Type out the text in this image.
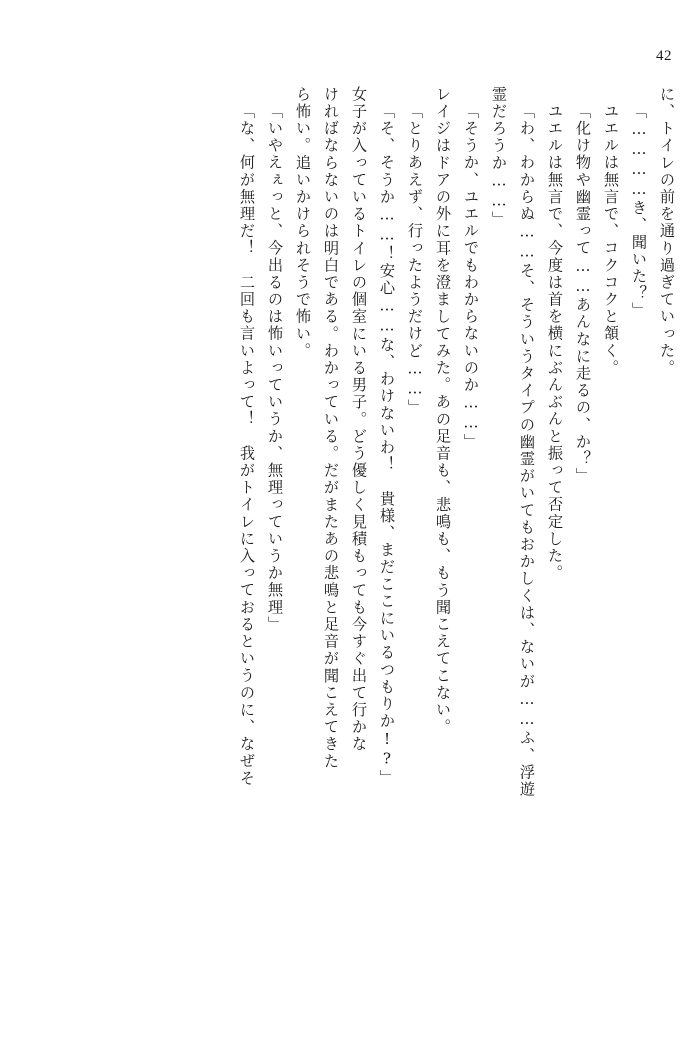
42
に、トイレの前を通り過ぎていった。
「…………き、聞いた？」
ユエルは無言で、コクコクと頷く。
「化け物や幽霊って……あんなに走るの、か？」
ユエルは無言で、今度は首を横にぶんぶんと振って否定した。
「わ、わからぬ……そ、そういうタイプの幽霊がいてもおかしくは、ないが……ふ、浮遊
霊だろうか……」
「そうか、ユエルでもわからないのか……」
レイジはドアの外に耳を澄ましてみた。あの足音も、悲鳴も、もう聞こえてこない。
「とりあえず、行ったようだけど……」
「そ、そうか……！安心……な、わけないわ！　貴様、まだここにいるつもりか!?」
女子が入っているトイレの個室にいる男子。どう優しく見積もっても今すぐ出て行かな
ければならないのは明白である。わかっている。だがまたあの悲鳴と足音が聞こえてきた
ら怖い。追いかけられそうで怖い。
「いやえぇっと、今出るのは怖いっていうか、無理っていうか無理」
「な、何が無理だ！　二回も言いよって！　我がトイレに入っておるというのに、なぜそ
